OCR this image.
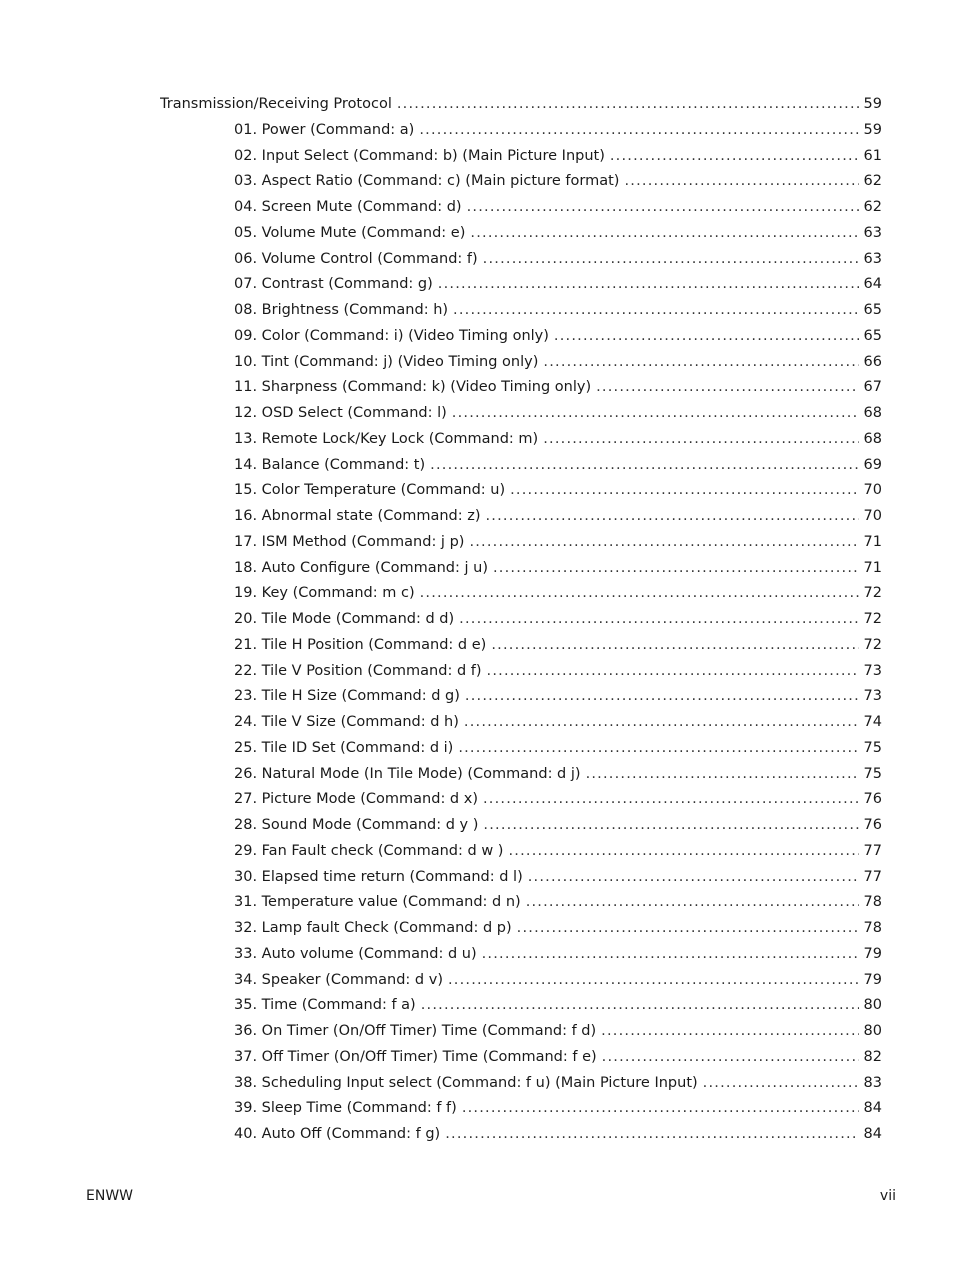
Transmission/Receiving Protocol .....	59
01. Power (Command: a) .....	59
02. Input Select (Command: b) (Main Picture Input) .....	61
03. Aspect Ratio (Command: c) (Main picture format) .....	62
04. Screen Mute (Command: d) .....	62
05. Volume Mute (Command: e) .....	63
06. Volume Control (Command: f) .....	63
07. Contrast (Command: g) .....	64
08. Brightness (Command: h) .....	65
09. Color (Command: i) (Video Timing only) .....	65
10. Tint (Command: j) (Video Timing only) .....	66
11. Sharpness (Command: k) (Video Timing only) .....	67
12. OSD Select (Command: l) .....	68
13. Remote Lock/Key Lock (Command: m) .....	68
14. Balance (Command: t) .....	69
15. Color Temperature (Command: u) .....	70
16. Abnormal state (Command: z) .....	70
17. ISM Method (Command: j p) .....	71
18. Auto Configure (Command: j u) .....	71
19. Key (Command: m c) .....	72
20. Tile Mode (Command: d d) .....	72
21. Tile H Position (Command: d e) .....	72
22. Tile V Position (Command: d f) .....	73
23. Tile H Size (Command: d g) .....	73
24. Tile V Size (Command: d h) .....	74
25. Tile ID Set (Command: d i) .....	75
26. Natural Mode (In Tile Mode) (Command: d j) .....	75
27. Picture Mode (Command: d x) .....	76
28. Sound Mode (Command: d y ) .....	76
29. Fan Fault check (Command: d w ) .....	77
30. Elapsed time return (Command: d l) .....	77
31. Temperature value (Command: d n) .....	78
32. Lamp fault Check (Command: d p) .....	78
33. Auto volume (Command: d u) .....	79
34. Speaker (Command: d v) .....	79
35. Time (Command: f a) .....	80
36. On Timer (On/Off Timer) Time (Command: f d) .....	80
37. Off Timer (On/Off Timer) Time (Command: f e) .....	82
38. Scheduling Input select (Command: f u) (Main Picture Input) .....	83
39. Sleep Time (Command: f f) .....	84
40. Auto Off (Command: f g) .....	84
ENWW	vii
